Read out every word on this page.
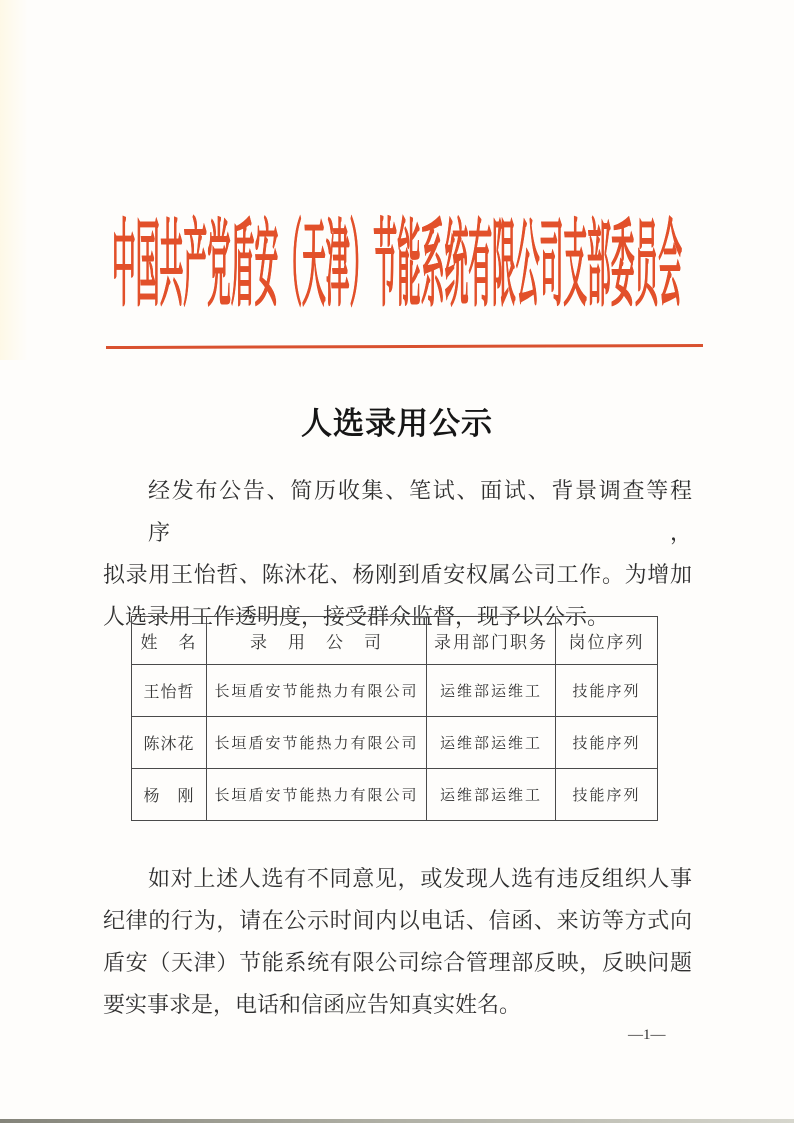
中国共产党盾安（天津）节能系统有限公司支部委员会
人选录用公示
经发布公告、简历收集、笔试、面试、背景调查等程序，
拟录用王怡哲、陈沐花、杨刚到盾安权属公司工作。为增加
人选录用工作透明度，接受群众监督，现予以公示。
姓　名	录　用　公　司	录用部门职务	岗位序列
王怡哲	长垣盾安节能热力有限公司	运维部运维工	技能序列
陈沐花	长垣盾安节能热力有限公司	运维部运维工	技能序列
杨　刚	长垣盾安节能热力有限公司	运维部运维工	技能序列
如对上述人选有不同意见，或发现人选有违反组织人事
纪律的行为，请在公示时间内以电话、信函、来访等方式向
盾安（天津）节能系统有限公司综合管理部反映，反映问题
要实事求是，电话和信函应告知真实姓名。
—1—
